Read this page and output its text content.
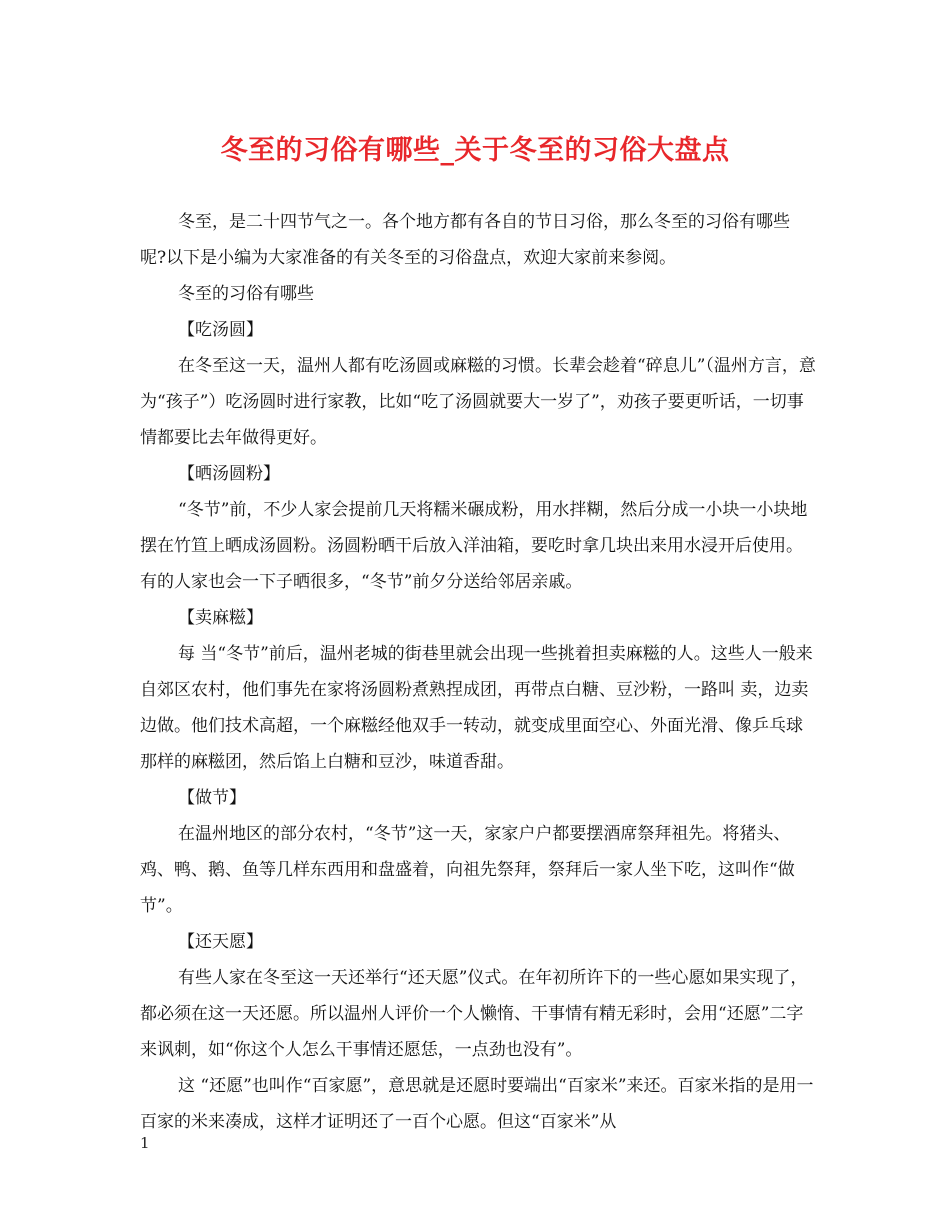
冬至的习俗有哪些_关于冬至的习俗大盘点

冬至，是二十四节气之一。各个地方都有各自的节日习俗，那么冬至的习俗有哪些呢?以下是小编为大家准备的有关冬至的习俗盘点，欢迎大家前来参阅。

冬至的习俗有哪些

【吃汤圆】

在冬至这一天，温州人都有吃汤圆或麻糍的习惯。长辈会趁着“碎息儿”（温州方言，意为“孩子”）吃汤圆时进行家教，比如“吃了汤圆就要大一岁了”，劝孩子要更听话，一切事情都要比去年做得更好。

【晒汤圆粉】

“冬节”前，不少人家会提前几天将糯米碾成粉，用水拌糊，然后分成一小块一小块地摆在竹笪上晒成汤圆粉。汤圆粉晒干后放入洋油箱，要吃时拿几块出来用水浸开后使用。有的人家也会一下子晒很多，“冬节”前夕分送给邻居亲戚。

【卖麻糍】

每 当“冬节”前后，温州老城的街巷里就会出现一些挑着担卖麻糍的人。这些人一般来自郊区农村，他们事先在家将汤圆粉煮熟捏成团，再带点白糖、豆沙粉，一路叫 卖，边卖边做。他们技术高超，一个麻糍经他双手一转动，就变成里面空心、外面光滑、像乒乓球那样的麻糍团，然后馅上白糖和豆沙，味道香甜。

【做节】

在温州地区的部分农村，“冬节”这一天，家家户户都要摆酒席祭拜祖先。将猪头、鸡、鸭、鹅、鱼等几样东西用和盘盛着，向祖先祭拜，祭拜后一家人坐下吃，这叫作“做节”。

【还天愿】

有些人家在冬至这一天还举行“还天愿”仪式。在年初所许下的一些心愿如果实现了，都必须在这一天还愿。所以温州人评价一个人懒惰、干事情有精无彩时，会用“还愿”二字来讽刺，如“你这个人怎么干事情还愿恁，一点劲也没有”。

这 “还愿”也叫作“百家愿”，意思就是还愿时要端出“百家米”来还。百家米指的是用一百家的米来凑成，这样才证明还了一百个心愿。但这“百家米”从

1
